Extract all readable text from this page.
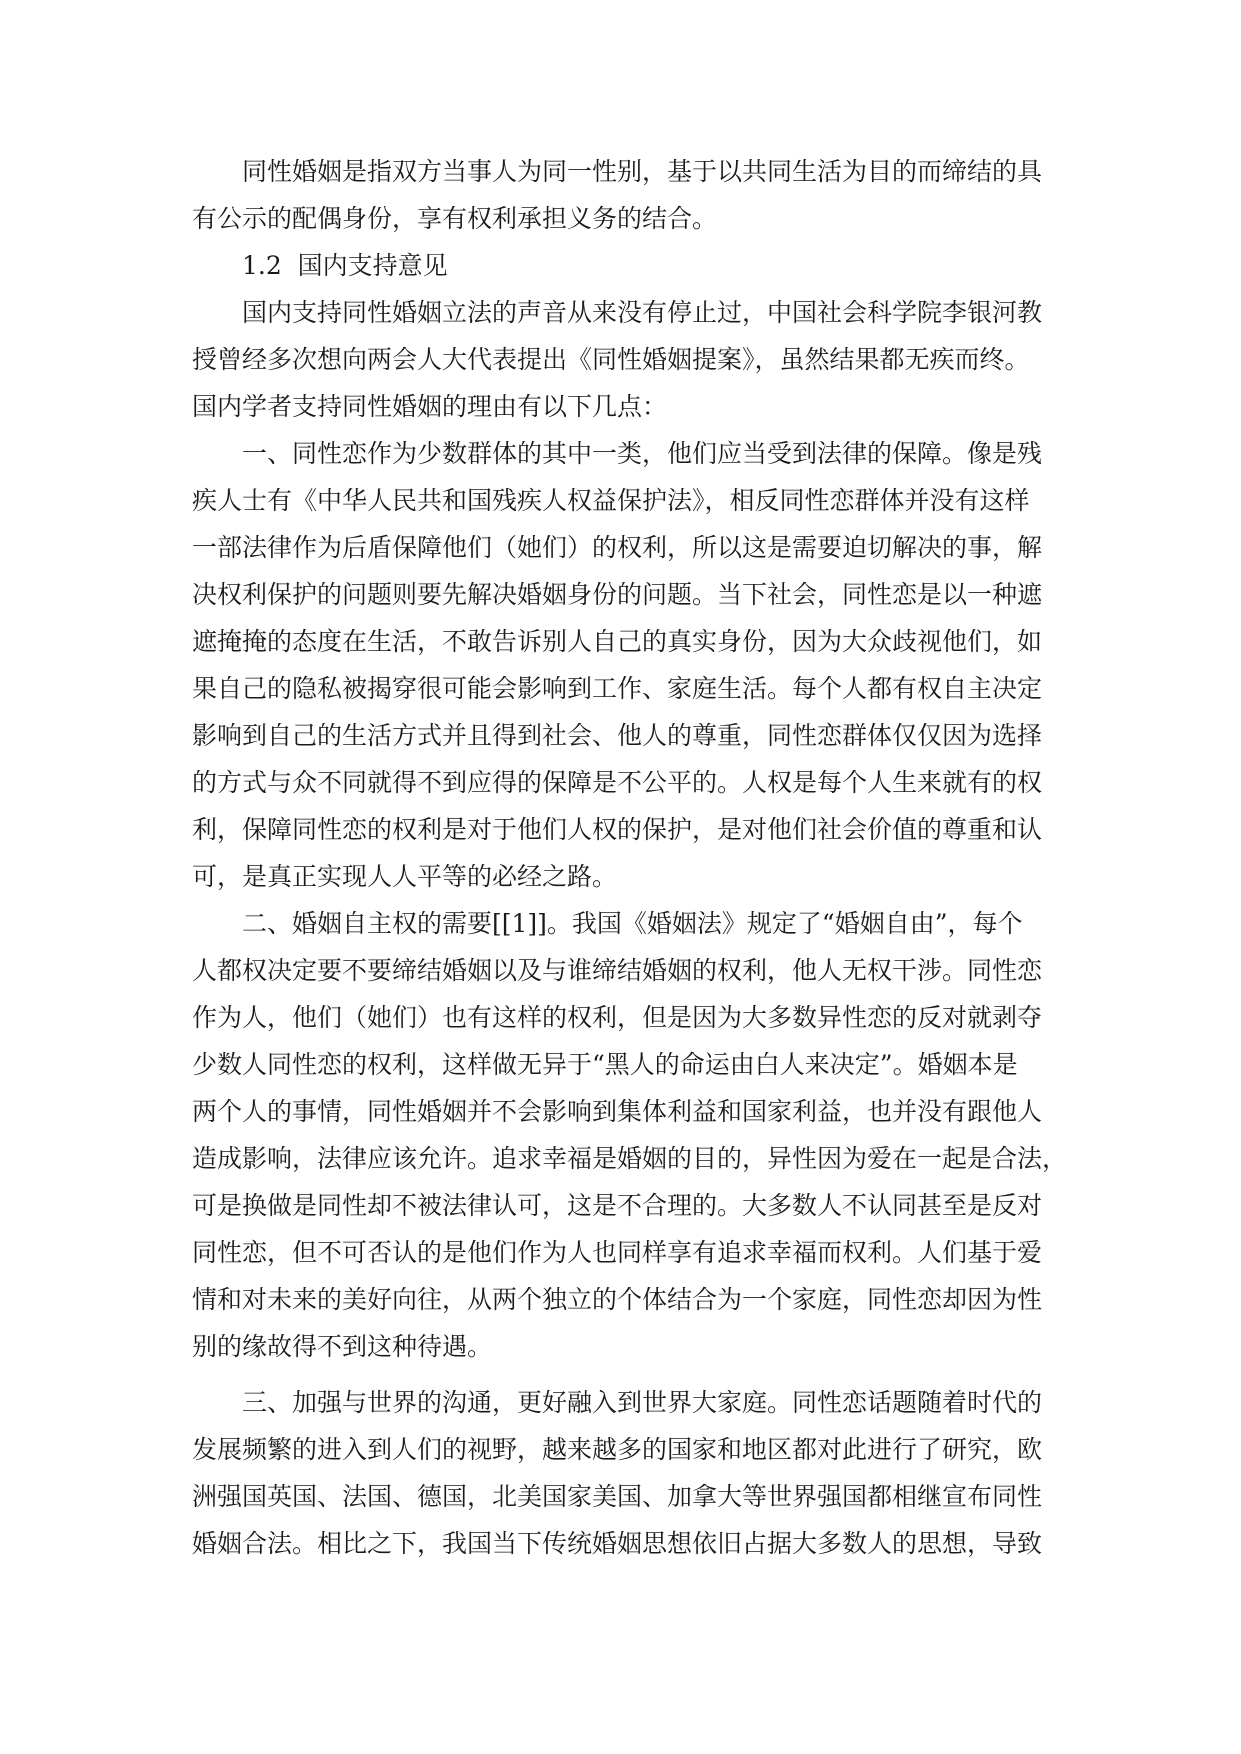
同性婚姻是指双方当事人为同一性别，基于以共同生活为目的而缔结的具
有公示的配偶身份，享有权利承担义务的结合。

1.2  国内支持意见

国内支持同性婚姻立法的声音从来没有停止过，中国社会科学院李银河教
授曾经多次想向两会人大代表提出《同性婚姻提案》，虽然结果都无疾而终。
国内学者支持同性婚姻的理由有以下几点：

一、同性恋作为少数群体的其中一类，他们应当受到法律的保障。像是残
疾人士有《中华人民共和国残疾人权益保护法》，相反同性恋群体并没有这样
一部法律作为后盾保障他们（她们）的权利，所以这是需要迫切解决的事，解
决权利保护的问题则要先解决婚姻身份的问题。当下社会，同性恋是以一种遮
遮掩掩的态度在生活，不敢告诉别人自己的真实身份，因为大众歧视他们，如
果自己的隐私被揭穿很可能会影响到工作、家庭生活。每个人都有权自主决定
影响到自己的生活方式并且得到社会、他人的尊重，同性恋群体仅仅因为选择
的方式与众不同就得不到应得的保障是不公平的。人权是每个人生来就有的权
利，保障同性恋的权利是对于他们人权的保护，是对他们社会价值的尊重和认
可，是真正实现人人平等的必经之路。

二、婚姻自主权的需要[[1]]。我国《婚姻法》规定了“婚姻自由”，每个
人都权决定要不要缔结婚姻以及与谁缔结婚姻的权利，他人无权干涉。同性恋
作为人，他们（她们）也有这样的权利，但是因为大多数异性恋的反对就剥夺
少数人同性恋的权利，这样做无异于“黑人的命运由白人来决定”。婚姻本是
两个人的事情，同性婚姻并不会影响到集体利益和国家利益，也并没有跟他人
造成影响，法律应该允许。追求幸福是婚姻的目的，异性因为爱在一起是合法，
可是换做是同性却不被法律认可，这是不合理的。大多数人不认同甚至是反对
同性恋，但不可否认的是他们作为人也同样享有追求幸福而权利。人们基于爱
情和对未来的美好向往，从两个独立的个体结合为一个家庭，同性恋却因为性
别的缘故得不到这种待遇。

三、加强与世界的沟通，更好融入到世界大家庭。同性恋话题随着时代的
发展频繁的进入到人们的视野，越来越多的国家和地区都对此进行了研究，欧
洲强国英国、法国、德国，北美国家美国、加拿大等世界强国都相继宣布同性
婚姻合法。相比之下，我国当下传统婚姻思想依旧占据大多数人的思想，导致
